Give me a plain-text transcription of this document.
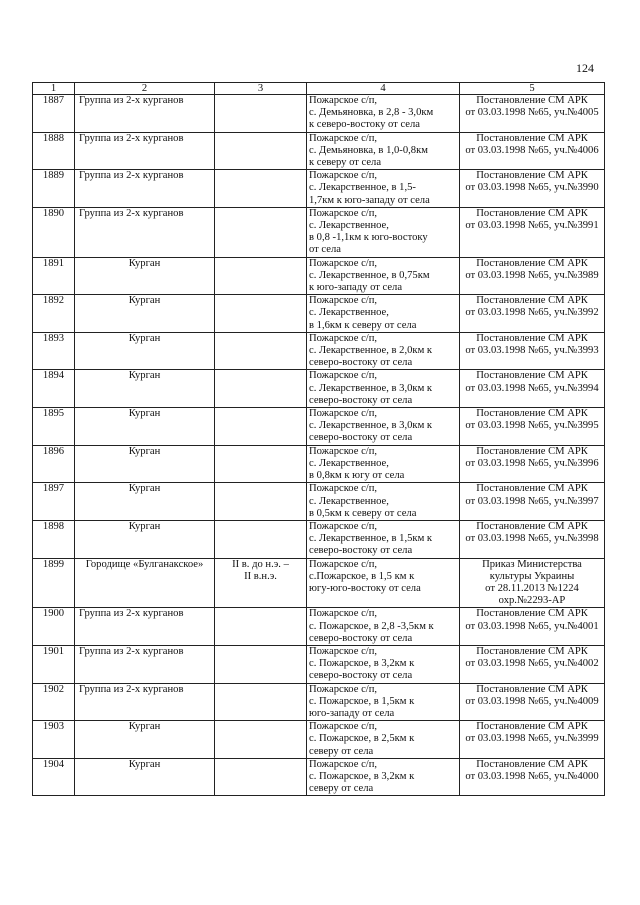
124
1	2	3	4	5
1887	Группа из 2-х курганов		Пожарское с/п,
с. Демьяновка, в 2,8 - 3,0км
к северо-востоку от села	Постановление СМ АРК
от 03.03.1998 №65, уч.№4005

1888	Группа из 2-х курганов		Пожарское с/п,
с. Демьяновка, в 1,0-0,8км
к северу от села	Постановление СМ АРК
от 03.03.1998 №65, уч.№4006

1889	Группа из 2-х курганов		Пожарское с/п,
с. Лекарственное, в 1,5-
1,7км к юго-западу от села	Постановление СМ АРК
от 03.03.1998 №65, уч.№3990

1890	Группа из 2-х курганов		Пожарское с/п,
с. Лекарственное,
в 0,8 -1,1км к юго-востоку
от села	Постановление СМ АРК
от 03.03.1998 №65, уч.№3991

1891	Курган		Пожарское с/п,
с. Лекарственное, в 0,75км
к юго-западу от села	Постановление СМ АРК
от 03.03.1998 №65, уч.№3989

1892	Курган		Пожарское с/п,
с. Лекарственное,
в 1,6км к северу от села	Постановление СМ АРК
от 03.03.1998 №65, уч.№3992

1893	Курган		Пожарское с/п,
с. Лекарственное, в 2,0км к
северо-востоку от села	Постановление СМ АРК
от 03.03.1998 №65, уч.№3993

1894	Курган		Пожарское с/п,
с. Лекарственное, в 3,0км к
северо-востоку от села	Постановление СМ АРК
от 03.03.1998 №65, уч.№3994

1895	Курган		Пожарское с/п,
с. Лекарственное, в 3,0км к
северо-востоку от села	Постановление СМ АРК
от 03.03.1998 №65, уч.№3995

1896	Курган		Пожарское с/п,
с. Лекарственное,
в 0,8км к югу от села	Постановление СМ АРК
от 03.03.1998 №65, уч.№3996

1897	Курган		Пожарское с/п,
с. Лекарственное,
в 0,5км к северу от села	Постановление СМ АРК
от 03.03.1998 №65, уч.№3997

1898	Курган		Пожарское с/п,
с. Лекарственное, в 1,5км к
северо-востоку от села	Постановление СМ АРК
от 03.03.1998 №65, уч.№3998

1899	Городище «Булганакское»	II в. до н.э. –
II в.н.э.	Пожарское с/п,
с.Пожарское, в 1,5 км к
югу-юго-востоку от села	Приказ Министерства
культуры Украины
от 28.11.2013 №1224
охр.№2293-АР

1900	Группа из 2-х курганов		Пожарское с/п,
с. Пожарское, в 2,8 -3,5км к
северо-востоку от села	Постановление СМ АРК
от 03.03.1998 №65, уч.№4001

1901	Группа из 2-х курганов		Пожарское с/п,
с. Пожарское, в 3,2км к
северо-востоку от села	Постановление СМ АРК
от 03.03.1998 №65, уч.№4002

1902	Группа из 2-х курганов		Пожарское с/п,
с. Пожарское, в 1,5км к
юго-западу от села	Постановление СМ АРК
от 03.03.1998 №65, уч.№4009

1903	Курган		Пожарское с/п,
с. Пожарское, в 2,5км к
северу от села	Постановление СМ АРК
от 03.03.1998 №65, уч.№3999

1904	Курган		Пожарское с/п,
с. Пожарское, в 3,2км к
северу от села	Постановление СМ АРК
от 03.03.1998 №65, уч.№4000
